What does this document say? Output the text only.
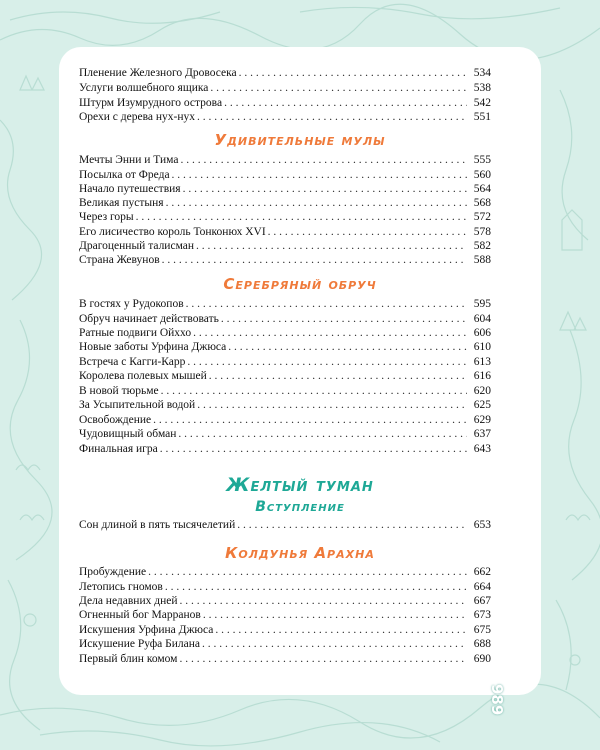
Пленение Железного Дровосека . . .	534
Услуги волшебного ящика . . .	538
Штурм Изумрудного острова . . .	542
Орехи с дерева нух-нух . . .	551
Удивительные мулы
Мечты Энни и Тима . . .	555
Посылка от Фреда . . .	560
Начало путешествия . . .	564
Великая пустыня . . .	568
Через горы . . .	572
Его лисичество король Тонконюх XVI . . .	578
Драгоценный талисман . . .	582
Страна Жевунов . . .	588
Серебряный обруч
В гостях у Рудокопов . . .	595
Обруч начинает действовать . . .	604
Ратные подвиги Ойххо . . .	606
Новые заботы Урфина Джюса . . .	610
Встреча с Кагги-Карр . . .	613
Королева полевых мышей . . .	616
В новой тюрьме . . .	620
За Усыпительной водой . . .	625
Освобождение . . .	629
Чудовищный обман . . .	637
Финальная игра . . .	643
Желтый туман
Вступление
Сон длиной в пять тысячелетий . . .	653
Колдунья Арахна
Пробуждение . . .	662
Летопись гномов . . .	664
Дела недавних дней . . .	667
Огненный бог Марранов . . .	673
Искушения Урфина Джюса . . .	675
Искушение Руфа Билана . . .	688
Первый блин комом . . .	690
989
